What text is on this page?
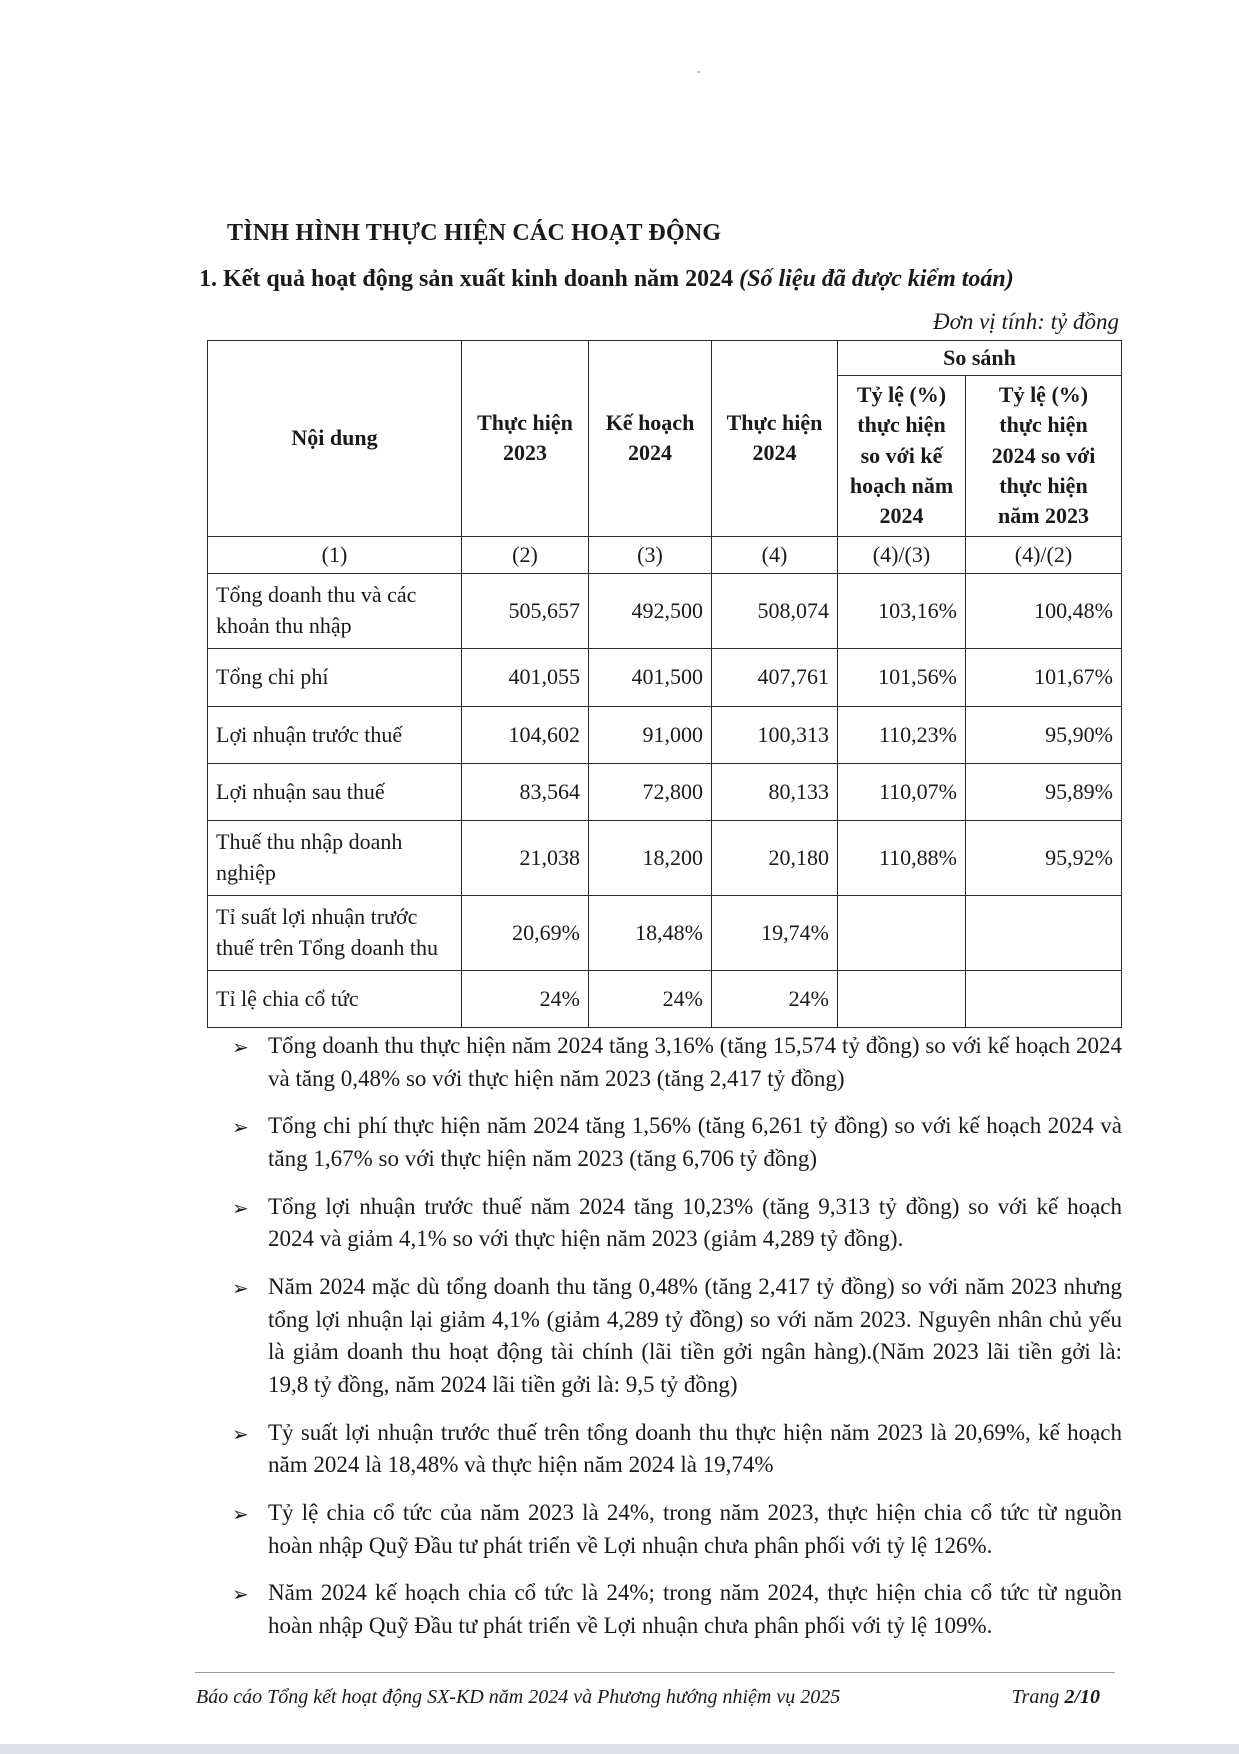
TÌNH HÌNH THỰC HIỆN CÁC HOẠT ĐỘNG
1. Kết quả hoạt động sản xuất kinh doanh năm 2024 (Số liệu đã được kiểm toán)
Đơn vị tính: tỷ đồng
Nội dung	Thực hiện 2023	Kế hoạch 2024	Thực hiện 2024	So sánh	
				Tỷ lệ (%) thực hiện so với kế hoạch năm 2024	Tỷ lệ (%) thực hiện 2024 so với thực hiện năm 2023
(1)	(2)	(3)	(4)	(4)/(3)	(4)/(2)
Tổng doanh thu và các khoản thu nhập	505,657	492,500	508,074	103,16%	100,48%
Tổng chi phí	401,055	401,500	407,761	101,56%	101,67%
Lợi nhuận trước thuế	104,602	91,000	100,313	110,23%	95,90%
Lợi nhuận sau thuế	83,564	72,800	80,133	110,07%	95,89%
Thuế thu nhập doanh nghiệp	21,038	18,200	20,180	110,88%	95,92%
Tỉ suất lợi nhuận trước thuế trên Tổng doanh thu	20,69%	18,48%	19,74%		
Tỉ lệ chia cổ tức	24%	24%	24%		
➢ Tổng doanh thu thực hiện năm 2024 tăng 3,16% (tăng 15,574 tỷ đồng) so với kế hoạch 2024 và tăng 0,48% so với thực hiện năm 2023 (tăng 2,417 tỷ đồng)
➢ Tổng chi phí thực hiện năm 2024 tăng 1,56% (tăng 6,261 tỷ đồng) so với kế hoạch 2024 và tăng 1,67% so với thực hiện năm 2023 (tăng 6,706 tỷ đồng)
➢ Tổng lợi nhuận trước thuế năm 2024 tăng 10,23% (tăng 9,313 tỷ đồng) so với kế hoạch 2024 và giảm 4,1% so với thực hiện năm 2023 (giảm 4,289 tỷ đồng).
➢ Năm 2024 mặc dù tổng doanh thu tăng 0,48% (tăng 2,417 tỷ đồng) so với năm 2023 nhưng tổng lợi nhuận lại giảm 4,1% (giảm 4,289 tỷ đồng) so với năm 2023. Nguyên nhân chủ yếu là giảm doanh thu hoạt động tài chính (lãi tiền gởi ngân hàng).(Năm 2023 lãi tiền gởi là: 19,8 tỷ đồng, năm 2024 lãi tiền gởi là: 9,5 tỷ đồng)
➢ Tỷ suất lợi nhuận trước thuế trên tổng doanh thu thực hiện năm 2023 là 20,69%, kế hoạch năm 2024 là 18,48% và thực hiện năm 2024 là 19,74%
➢ Tỷ lệ chia cổ tức của năm 2023 là 24%, trong năm 2023, thực hiện chia cổ tức từ nguồn hoàn nhập Quỹ Đầu tư phát triển về Lợi nhuận chưa phân phối với tỷ lệ 126%.
➢ Năm 2024 kế hoạch chia cổ tức là 24%; trong năm 2024, thực hiện chia cổ tức từ nguồn hoàn nhập Quỹ Đầu tư phát triển về Lợi nhuận chưa phân phối với tỷ lệ 109%.
Báo cáo Tổng kết hoạt động SX-KD năm 2024 và Phương hướng nhiệm vụ 2025	Trang 2/10
